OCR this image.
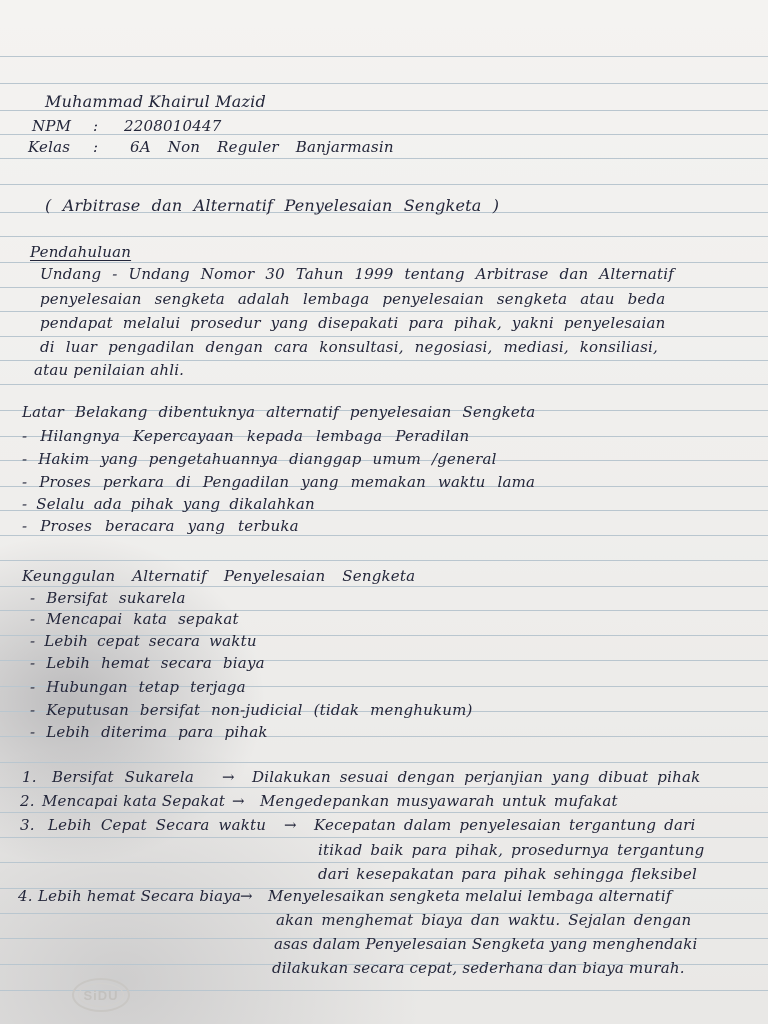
Muhammad Khairul Mazid

NPM : 2208010447

Kelas : 6A Non Reguler Banjarmasin

( Arbitrase dan Alternatif Penyelesaian Sengketa )

Pendahuluan

Undang - Undang Nomor 30 Tahun 1999 tentang Arbitrase dan Alternatif

penyelesaian sengketa adalah lembaga penyelesaian sengketa atau beda

pendapat melalui prosedur yang disepakati para pihak, yakni penyelesaian

di luar pengadilan dengan cara konsultasi, negosiasi, mediasi, konsiliasi,

atau penilaian ahli.

Latar Belakang dibentuknya alternatif penyelesaian Sengketa

- Hilangnya Kepercayaan kepada lembaga Peradilan

- Hakim yang pengetahuannya dianggap umum /general

- Proses perkara di Pengadilan yang memakan waktu lama

- Selalu ada pihak yang dikalahkan

- Proses beracara yang terbuka

Keunggulan Alternatif Penyelesaian Sengketa

- Bersifat sukarela

- Mencapai kata sepakat

- Lebih cepat secara waktu

- Lebih hemat secara biaya

- Hubungan tetap terjaga

- Keputusan bersifat non-judicial (tidak menghukum)

- Lebih diterima para pihak

1. Bersifat Sukarela → Dilakukan sesuai dengan perjanjian yang dibuat pihak

2. Mencapai kata Sepakat → Mengedepankan musyawarah untuk mufakat

3. Lebih Cepat Secara waktu → Kecepatan dalam penyelesaian tergantung dari

itikad baik para pihak, prosedurnya tergantung

dari kesepakatan para pihak sehingga fleksibel

4. Lebih hemat Secara biaya

→ Menyelesaikan sengketa melalui lembaga alternatif

akan menghemat biaya dan waktu. Sejalan dengan

asas dalam Penyelesaian Sengketa yang menghendaki

dilakukan secara cepat, sederhana dan biaya murah.

SiDU
